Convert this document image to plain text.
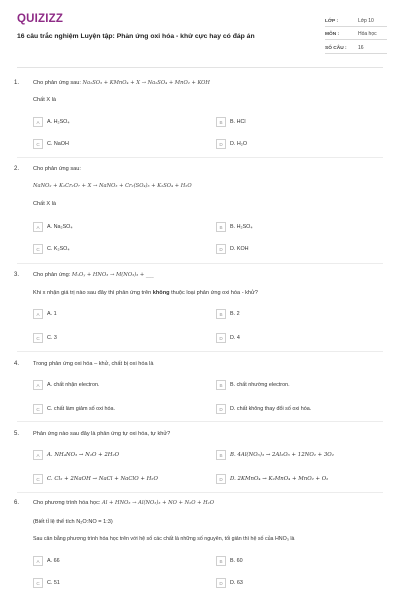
QUIZIZZ
16 câu trắc nghiệm Luyện tập: Phản ứng oxi hóa - khử cực hay có đáp án
LỚP :	Lớp 10
MÔN :	Hóa học
SỐ CÂU :	16
1. Cho phản ứng sau: Na₂SO₃ + KMnO₄ + X → Na₂SO₄ + MnO₂ + KOH
Chất X là
A	A. H₂SO₄	B	B. HCl
C	C. NaOH	D	D. H₂O
2. Cho phản ứng sau:
NaNO₂ + K₂Cr₂O₇ + X → NaNO₃ + Cr₂(SO₄)₃ + K₂SO₄ + H₂O
Chất X là
A	A. Na₂SO₄	B	B. H₂SO₄
C	C. K₂SO₄	D	D. KOH
3. Cho phản ứng: MₓOᵧ + HNO₃ → M(NO₃)₃ + ___
Khi x nhận giá trị nào sau đây thì phản ứng trên không thuộc loại phản ứng oxi hóa - khử?
A	A. 1	B	B. 2
C	C. 3	D	D. 4
4. Trong phản ứng oxi hóa – khử, chất bị oxi hóa là
A	A. chất nhận electron.	B	B. chất nhường electron.
C	C. chất làm giảm số oxi hóa.	D	D. chất không thay đổi số oxi hóa.
5. Phản ứng nào sau đây là phản ứng tự oxi hóa, tự khử?
A	A. NH₄NO₃ → N₂O + 2H₂O	B	B. 4Al(NO₃)₃ → 2Al₂O₃ + 12NO₂ + 3O₂
C	C. Cl₂ + 2NaOH → NaCl + NaClO + H₂O	D	D. 2KMnO₄ → K₂MnO₄ + MnO₂ + O₂
6. Cho phương trình hóa học: Al + HNO₃ → Al(NO₃)₃ + NO + N₂O + H₂O
(Biết tỉ lệ thể tích N₂O:NO = 1:3)
Sau cân bằng phương trình hóa học trên với hệ số các chất là những số nguyên, tối giản thì hệ số của HNO₃ là
A	A. 66	B	B. 60
C	C. 51	D	D. 63
